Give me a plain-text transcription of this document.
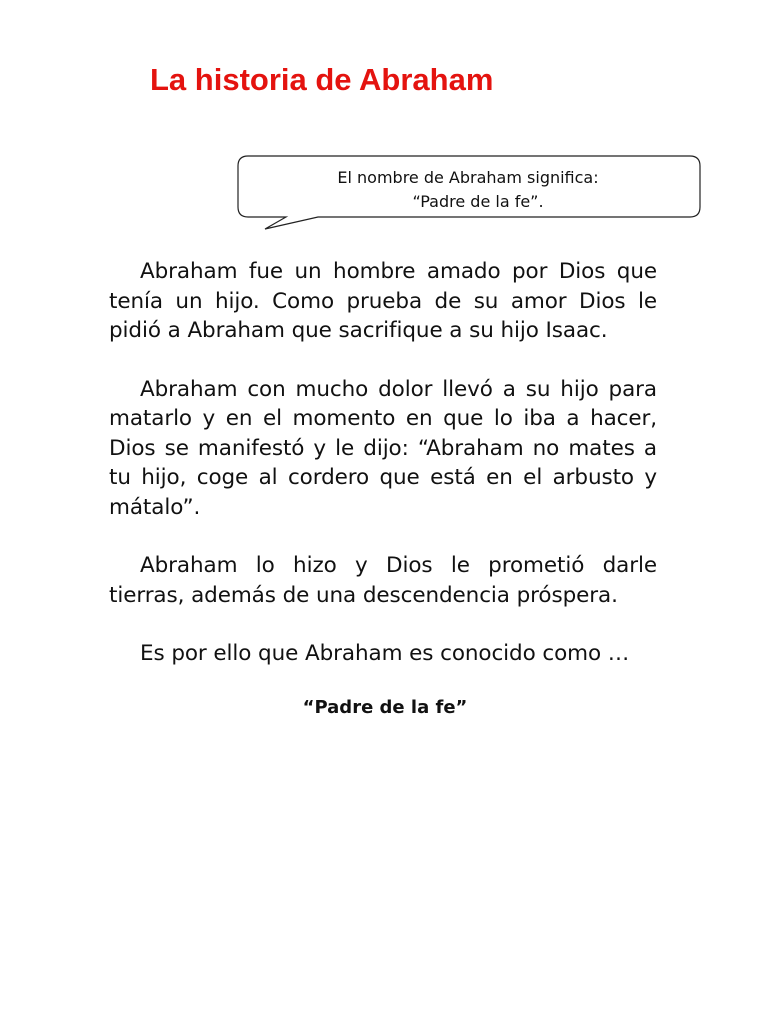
La historia de Abraham
El nombre de Abraham significa:
“Padre de la fe”.

Abraham fue un hombre amado por Dios que tenía un hijo. Como prueba de su amor Dios le pidió a Abraham que sacrifique a su hijo Isaac.

Abraham con mucho dolor llevó a su hijo para matarlo y en el momento en que lo iba a hacer, Dios se manifestó y le dijo: “Abraham no mates a tu hijo, coge al cordero que está en el arbusto y mátalo”.

Abraham lo hizo y Dios le prometió darle tierras, además de una descendencia próspera.

Es por ello que Abraham es conocido como …

“Padre de la fe”
